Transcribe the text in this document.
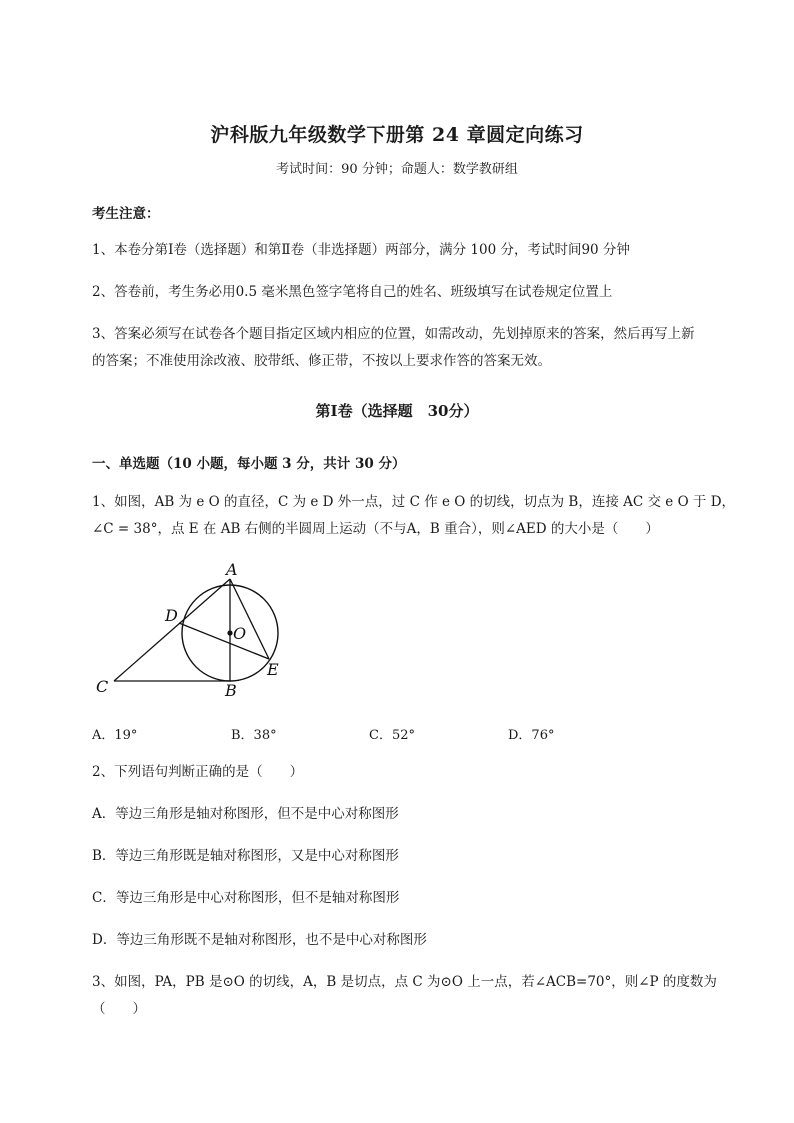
沪科版九年级数学下册第 24 章圆定向练习
考试时间：90 分钟；命题人：数学教研组
考生注意：
1、本卷分第Ⅰ卷（选择题）和第Ⅱ卷（非选择题）两部分，满分 100 分，考试时间90 分钟
2、答卷前，考生务必用0.5 毫米黑色签字笔将自己的姓名、班级填写在试卷规定位置上
3、答案必须写在试卷各个题目指定区域内相应的位置，如需改动，先划掉原来的答案，然后再写上新
的答案；不准使用涂改液、胶带纸、修正带，不按以上要求作答的答案无效。
第Ⅰ卷（选择题　30分）
一、单选题（10 小题，每小题 3 分，共计 30 分）
1、如图，AB 为 e O 的直径，C 为 e D 外一点，过 C 作 e O 的切线，切点为 B，连接 AC 交 e O 于 D，
∠C = 38°，点 E 在 AB 右侧的半圆周上运动（不与A，B 重合），则∠AED 的大小是（　　）
A
B
C
D
E
O
A．19°	B．38°	C．52°	D．76°
2、下列语句判断正确的是（　　）
A．等边三角形是轴对称图形，但不是中心对称图形
B．等边三角形既是轴对称图形，又是中心对称图形
C．等边三角形是中心对称图形，但不是轴对称图形
D．等边三角形既不是轴对称图形，也不是中心对称图形
3、如图，PA，PB 是⊙O 的切线，A，B 是切点，点 C 为⊙O 上一点，若∠ACB=70°，则∠P 的度数为
（　　）
